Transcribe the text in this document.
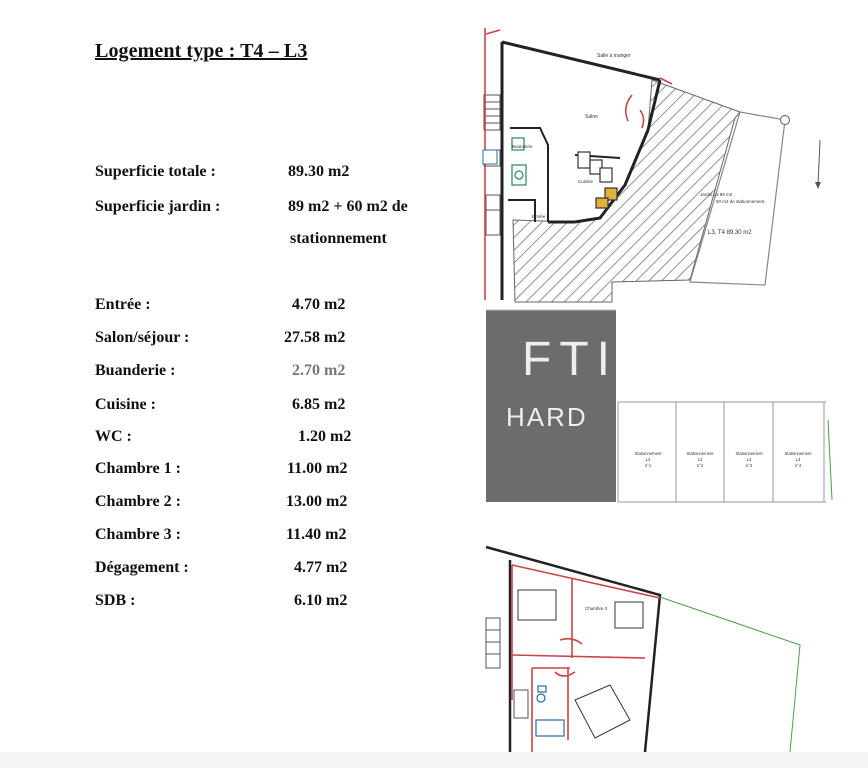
Logement type : T4 – L3
Superficie totale :	89.30 m2
Superficie jardin :	89 m2 + 60 m2 de
stationnement
Entrée :	4.70 m2
Salon/séjour :	27.58 m2
Buanderie :	2.70 m2
Cuisine :	6.85 m2
WC :	1.20 m2
Chambre 1 :	11.00 m2
Chambre 2 :	13.00 m2
Chambre 3 :	11.40 m2
Dégagement :	4.77 m2
SDB :	6.10 m2
Salle à manger
Salon
Buanderie
Cuisine
Entrée
Jardin L3 89 m2
60 m2 de stationnement
L3, T4 89.30 m2
Stationnement
L3
n°1
Stationnement
L3
n°2
Stationnement
L3
n°3
Stationnement
L3
n°4
Chambre 3
FTI
HARD
